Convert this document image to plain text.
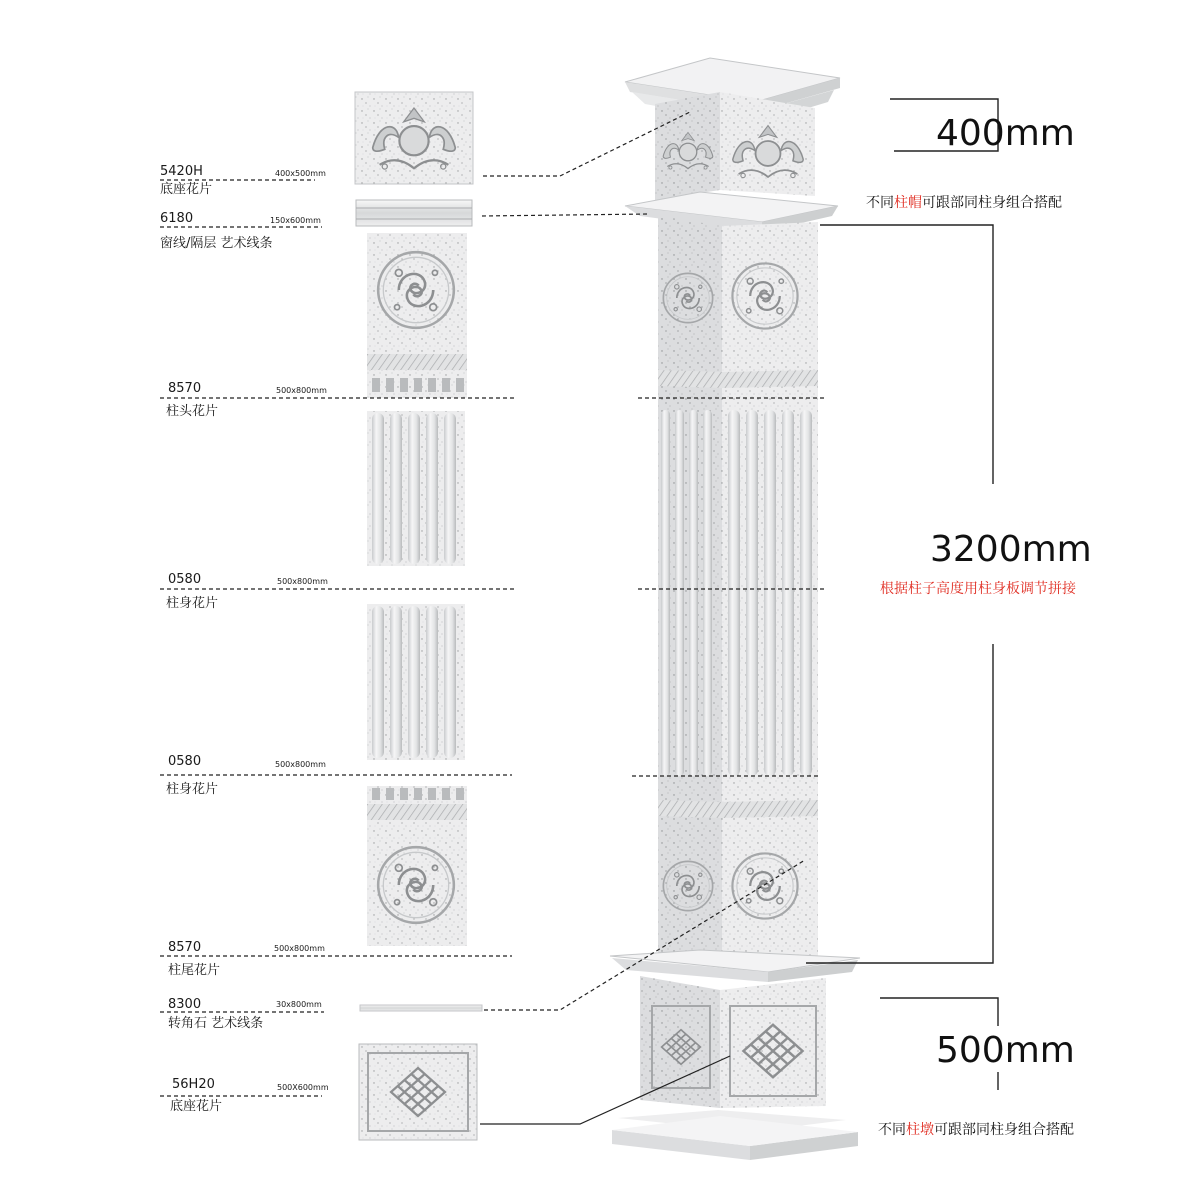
5420H	400x500mm
底座花片
6180	150x600mm
窗线/隔层 艺术线条
8570	500x800mm
柱头花片
0580	500x800mm
柱身花片
0580	500x800mm
柱身花片
8570	500x800mm
柱尾花片
8300	30x800mm
转角石 艺术线条
56H20	500X600mm
底座花片
400mm
不同柱帽可跟部同柱身组合搭配
3200mm
根据柱子高度用柱身板调节拼接
500mm
不同柱墩可跟部同柱身组合搭配
